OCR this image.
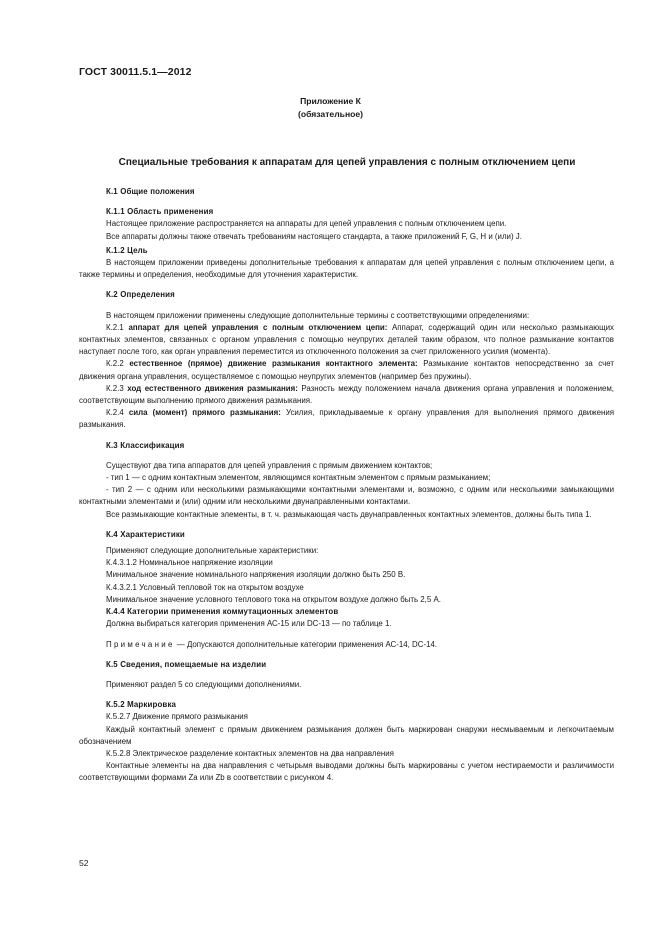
ГОСТ 30011.5.1—2012
Приложение К
(обязательное)
Специальные требования к аппаратам для цепей управления с полным отключением цепи

К.1 Общие положения

К.1.1 Область применения

Настоящее приложение распространяется на аппараты для цепей управления с полным отключением цепи.

Все аппараты должны также отвечать требованиям настоящего стандарта, а также приложений F, G, H и (или) J.

К.1.2 Цель

В настоящем приложении приведены дополнительные требования к аппаратам для цепей управления с полным отключением цепи, а также термины и определения, необходимые для уточнения характеристик.

К.2 Определения

В настоящем приложении применены следующие дополнительные термины с соответствующими определениями:

К.2.1 аппарат для цепей управления с полным отключением цепи: Аппарат, содержащий один или несколько размыкающих контактных элементов, связанных с органом управления с помощью неупругих деталей таким образом, что полное размыкание контактов наступает после того, как орган управления переместится из отключенного положения за счет приложенного усилия (момента).

К.2.2 естественное (прямое) движение размыкания контактного элемента: Размыкание контактов непосредственно за счет движения органа управления, осуществляемое с помощью неупругих элементов (например без пружины).

К.2.3 ход естественного движения размыкания: Разность между положением начала движения органа управления и положением, соответствующим выполнению прямого движения размыкания.

К.2.4 сила (момент) прямого размыкания: Усилия, прикладываемые к органу управления для выполнения прямого движения размыкания.

К.3 Классификация

Существуют два типа аппаратов для цепей управления с прямым движением контактов;

- тип 1 — с одним контактным элементом, являющимся контактным элементом с прямым размыканием;

- тип 2 — с одним или несколькими размыкающими контактными элементами и, возможно, с одним или несколькими замыкающими контактными элементами и (или) одним или несколькими двунаправленными контактами.

Все размыкающие контактные элементы, в т. ч. размыкающая часть двунаправленных контактных элементов, должны быть типа 1.

К.4 Характеристики

Применяют следующие дополнительные характеристики:

К.4.3.1.2 Номинальное напряжение изоляции

Минимальное значение номинального напряжения изоляции должно быть 250 В.

К.4.3.2.1 Условный тепловой ток на открытом воздухе

Минимальное значение условного теплового тока на открытом воздухе должно быть 2,5 А.

К.4.4 Категории применения коммутационных элементов

Должна выбираться категория применения АС-15 или DC-13 — по таблице 1.

Примечание — Допускаются дополнительные категории применения АС-14, DC-14.

К.5 Сведения, помещаемые на изделии

Применяют раздел 5 со следующими дополнениями.

К.5.2 Маркировка

К.5.2.7 Движение прямого размыкания

Каждый контактный элемент с прямым движением размыкания должен быть маркирован снаружи несмываемым и легкочитаемым обозначением

К.5.2.8 Электрическое разделение контактных элементов на два направления

Контактные элементы на два направления с четырьмя выводами должны быть маркированы с учетом нестираемости и различимости соответствующими формами Za или Zb в соответствии с рисунком 4.

52
